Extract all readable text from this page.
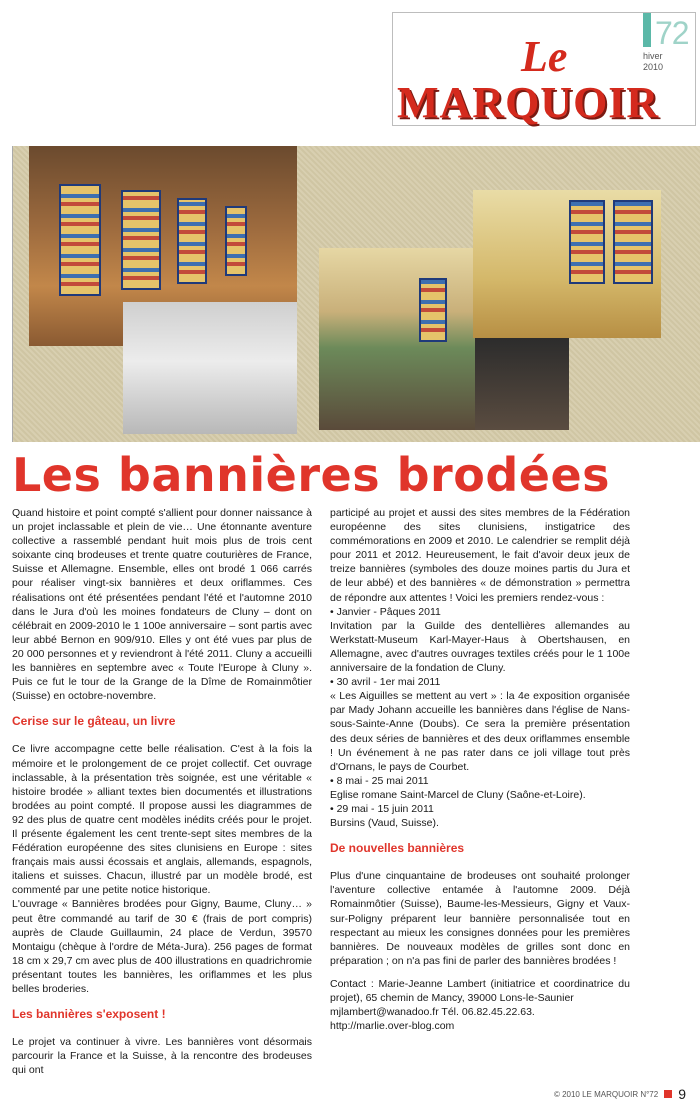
72
hiver
2010
Le
MARQUOIR
Les bannières brodées

Quand histoire et point compté s'allient pour donner naissance à un projet inclassable et plein de vie… Une étonnante aventure collective a rassemblé pendant huit mois plus de trois cent soixante cinq brodeuses et trente quatre couturières de France, Suisse et Allemagne. Ensemble, elles ont brodé 1 066 carrés pour réaliser vingt-six bannières et deux oriflammes. Ces réalisations ont été présentées pendant l'été et l'automne 2010 dans le Jura d'où les moines fondateurs de Cluny – dont on célébrait en 2009-2010 le 1 100e anniversaire – sont partis avec leur abbé Bernon en 909/910. Elles y ont été vues par plus de 20 000 personnes et y reviendront à l'été 2011. Cluny a accueilli les bannières en septembre avec « Toute l'Europe à Cluny ». Puis ce fut le tour de la Grange de la Dîme de Romainmôtier (Suisse) en octobre-novembre.

Cerise sur le gâteau, un livre

Ce livre accompagne cette belle réalisation. C'est à la fois la mémoire et le prolongement de ce projet collectif. Cet ouvrage inclassable, à la présentation très soignée, est une véritable « histoire brodée » alliant textes bien documentés et illustrations brodées au point compté. Il propose aussi les diagrammes de 92 des plus de quatre cent modèles inédits créés pour le projet. Il présente également les cent trente-sept sites membres de la Fédération européenne des sites clunisiens en Europe : sites français mais aussi écossais et anglais, allemands, espagnols, italiens et suisses. Chacun, illustré par un modèle brodé, est commenté par une petite notice historique.

L'ouvrage « Bannières brodées pour Gigny, Baume, Cluny… » peut être commandé au tarif de 30 € (frais de port compris) auprès de Claude Guillaumin, 24 place de Verdun, 39570 Montaigu (chèque à l'ordre de Méta-Jura). 256 pages de format 18 cm x 29,7 cm avec plus de 400 illustrations en quadrichromie présentant toutes les bannières, les oriflammes et les plus belles broderies.

Les bannières s'exposent !

Le projet va continuer à vivre. Les bannières vont désormais parcourir la France et la Suisse, à la rencontre des brodeuses qui ont

participé au projet et aussi des sites membres de la Fédération européenne des sites clunisiens, instigatrice des commémorations en 2009 et 2010. Le calendrier se remplit déjà pour 2011 et 2012. Heureusement, le fait d'avoir deux jeux de treize bannières (symboles des douze moines partis du Jura et de leur abbé) et des bannières « de démonstration » permettra de répondre aux attentes ! Voici les premiers rendez-vous :

• Janvier - Pâques 2011

Invitation par la Guilde des dentellières allemandes au Werkstatt-Museum Karl-Mayer-Haus à Obertshausen, en Allemagne, avec d'autres ouvrages textiles créés pour le 1 100e anniversaire de la fondation de Cluny.

• 30 avril - 1er mai 2011

« Les Aiguilles se mettent au vert » : la 4e exposition organisée par Mady Johann accueille les bannières dans l'église de Nans-sous-Sainte-Anne (Doubs). Ce sera la première présentation des deux séries de bannières et des deux oriflammes ensemble ! Un événement à ne pas rater dans ce joli village tout près d'Ornans, le pays de Courbet.

• 8 mai - 25 mai 2011

Eglise romane Saint-Marcel de Cluny (Saône-et-Loire).

• 29 mai - 15 juin 2011

Bursins (Vaud, Suisse).

De nouvelles bannières

Plus d'une cinquantaine de brodeuses ont souhaité prolonger l'aventure collective entamée à l'automne 2009. Déjà Romainmôtier (Suisse), Baume-les-Messieurs, Gigny et Vaux-sur-Poligny préparent leur bannière personnalisée tout en respectant au mieux les consignes données pour les premières bannières. De nouveaux modèles de grilles sont donc en préparation ; on n'a pas fini de parler des bannières brodées !

Contact : Marie-Jeanne Lambert (initiatrice et coordinatrice du projet), 65 chemin de Mancy, 39000 Lons-le-Saunier

mjlambert@wanadoo.fr Tél. 06.82.45.22.63.

http://marlie.over-blog.com

© 2010 LE MARQUOIR N°72 9
